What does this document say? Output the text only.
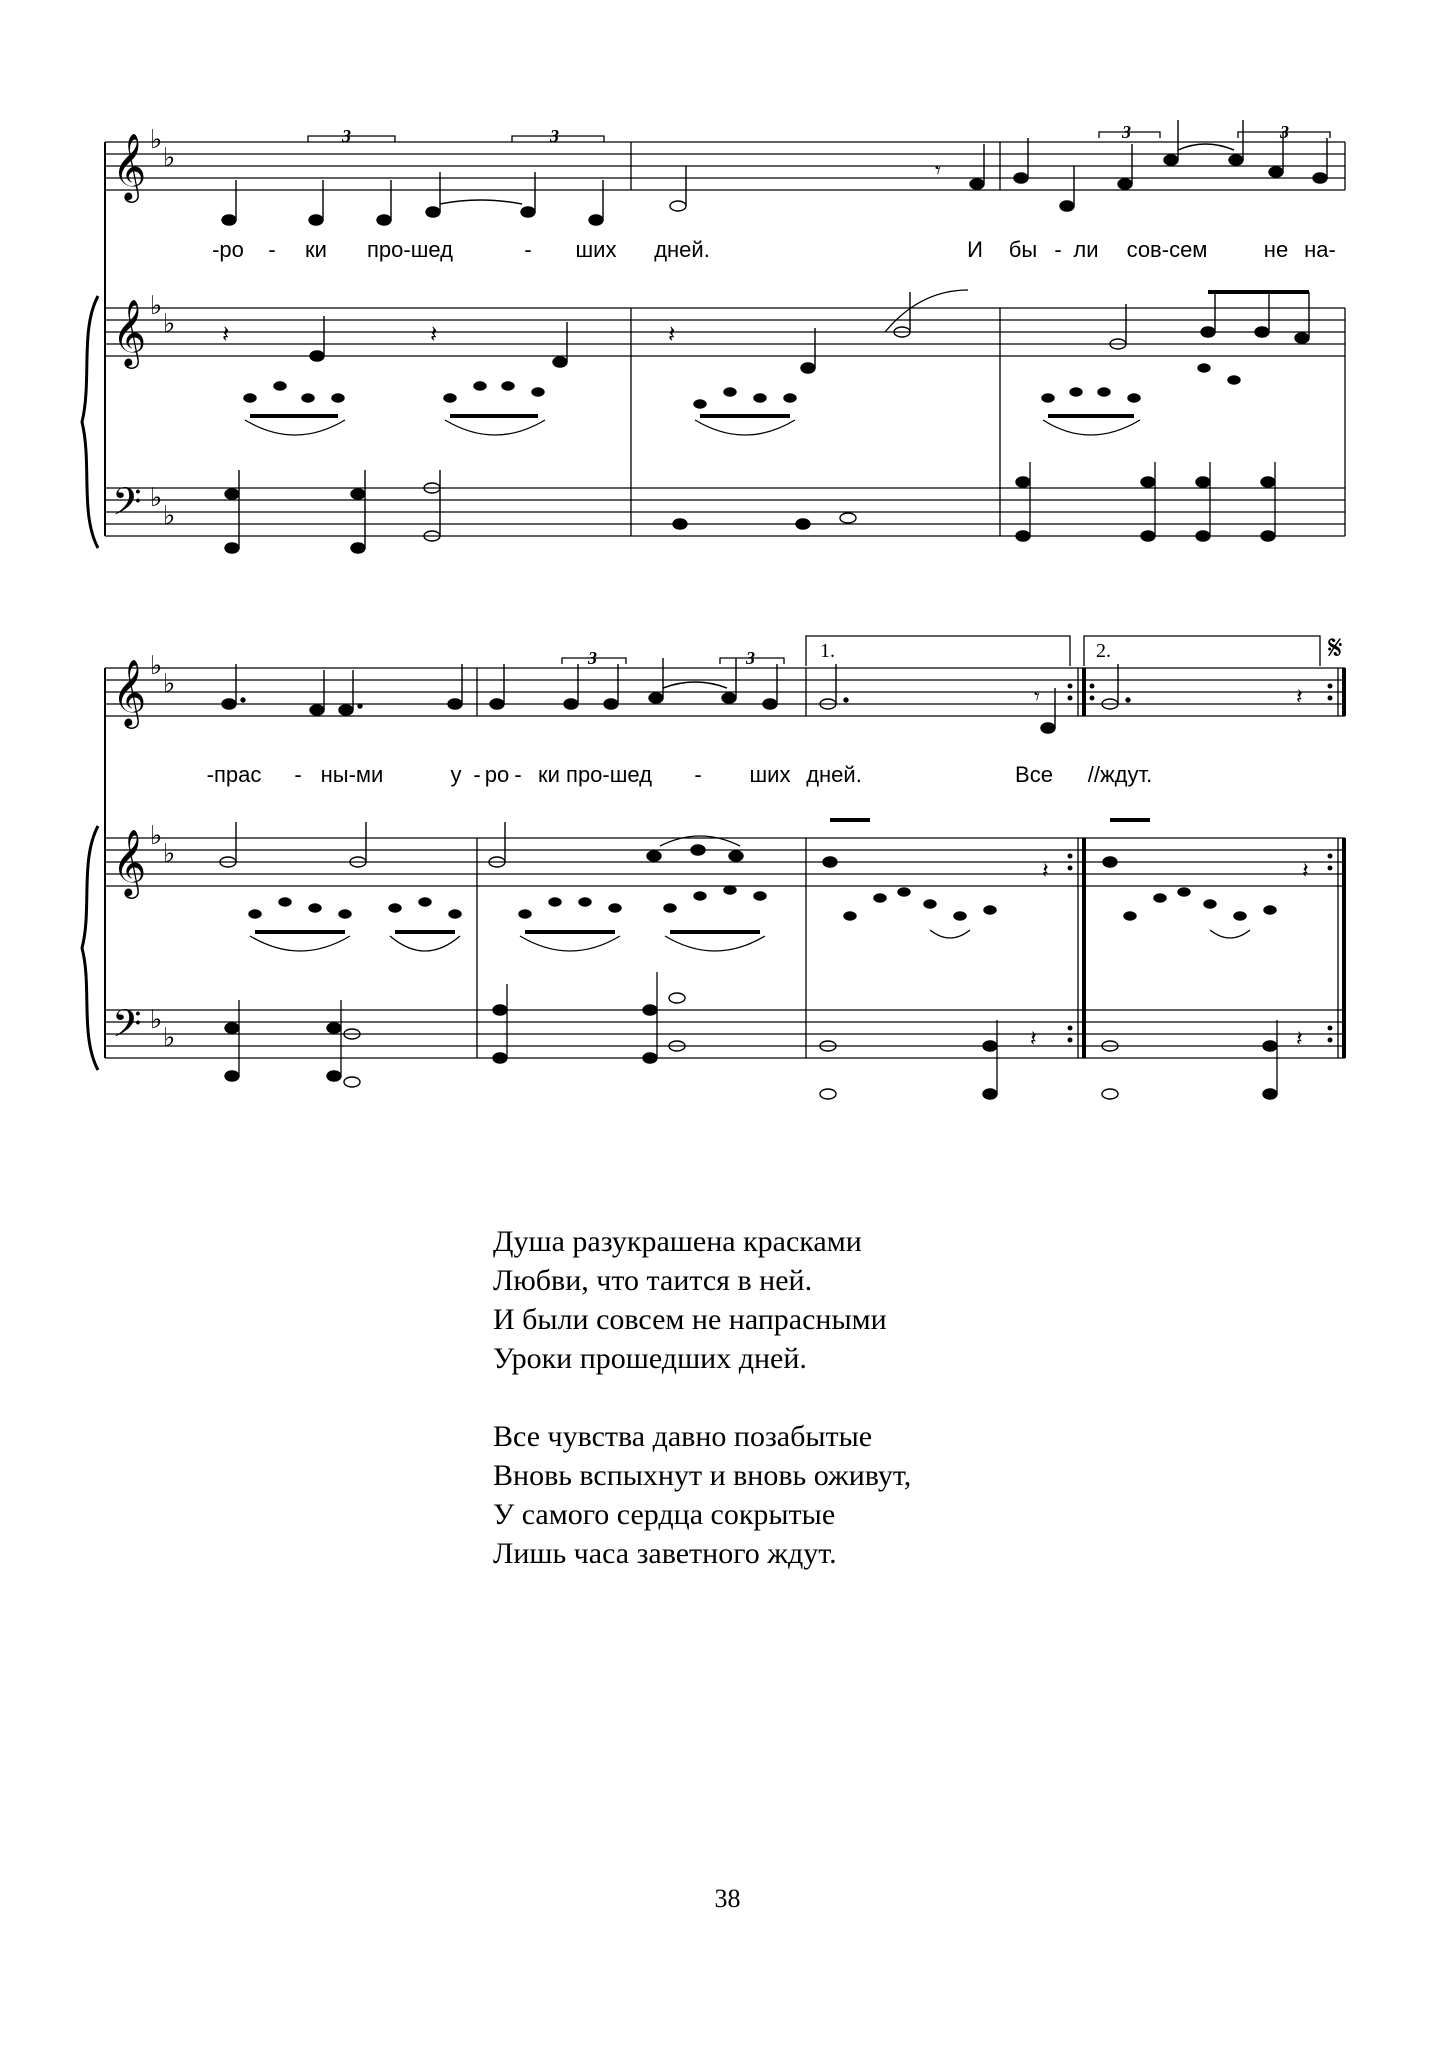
𝄞
𝄞
𝄢
♭
♭
♭
♭
♭
♭
3	3	3	3
𝄾
𝄽	𝄽	𝄽
-ро - ки про-шед	- ших дней.	И бы - ли сов-сем	не на-
𝄞
𝄞
𝄢
♭
♭
♭
♭
♭
♭
3	3
𝄾	𝄽
𝄽	𝄽
𝄽	𝄽
1.	2.	𝄋
-прас - ны-ми	у - ро - ки про-шед - ших дней.	Все //ждут.
Душа разукрашена красками
Любви, что таится в ней.
И были совсем не напрасными
Уроки прошедших дней.
Все чувства давно позабытые
Вновь вспыхнут и вновь оживут,
У самого сердца сокрытые
Лишь часа заветного ждут.
38
